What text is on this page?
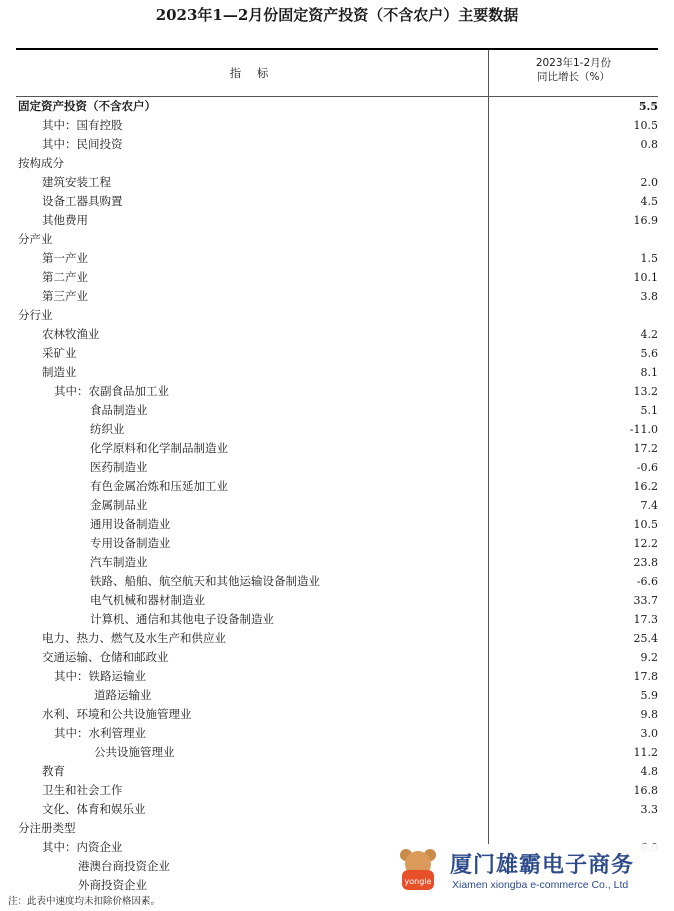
2023年1—2月份固定资产投资（不含农户）主要数据
指 标
2023年1-2月份
同比增长（%）
固定资产投资（不含农户）	5.5
其中：国有控股	10.5
其中：民间投资	0.8
按构成分
建筑安装工程	2.0
设备工器具购置	4.5
其他费用	16.9
分产业
第一产业	1.5
第二产业	10.1
第三产业	3.8
分行业
农林牧渔业	4.2
采矿业	5.6
制造业	8.1
其中：农副食品加工业	13.2
食品制造业	5.1
纺织业	-11.0
化学原料和化学制品制造业	17.2
医药制造业	-0.6
有色金属冶炼和压延加工业	16.2
金属制品业	7.4
通用设备制造业	10.5
专用设备制造业	12.2
汽车制造业	23.8
铁路、船舶、航空航天和其他运输设备制造业	-6.6
电气机械和器材制造业	33.7
计算机、通信和其他电子设备制造业	17.3
电力、热力、燃气及水生产和供应业	25.4
交通运输、仓储和邮政业	9.2
其中：铁路运输业	17.8
道路运输业	5.9
水利、环境和公共设施管理业	9.8
其中：水利管理业	3.0
公共设施管理业	11.2
教育	4.8
卫生和社会工作	16.8
文化、体育和娱乐业	3.3
分注册类型
其中：内资企业
港澳台商投资企业
外商投资企业
注：此表中速度均未扣除价格因素。
yongle
厦门雄霸电子商务
Xiamen xiongba e-commerce Co., Ltd
